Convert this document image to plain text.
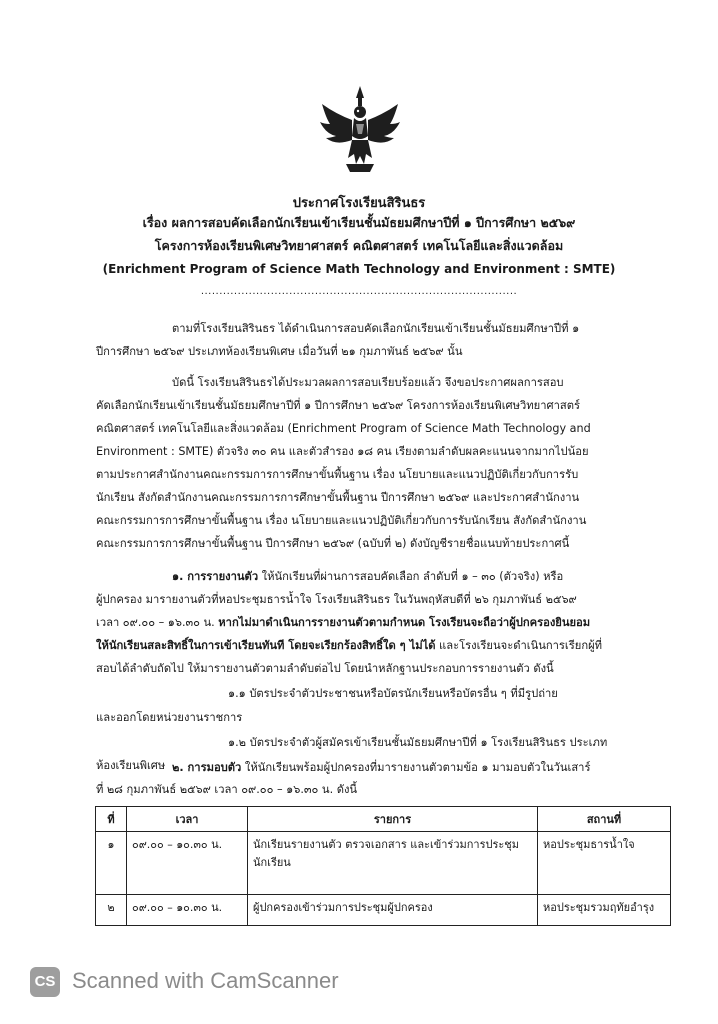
ประกาศโรงเรียนสิรินธร
เรื่อง ผลการสอบคัดเลือกนักเรียนเข้าเรียนชั้นมัธยมศึกษาปีที่ ๑ ปีการศึกษา ๒๕๖๙
โครงการห้องเรียนพิเศษวิทยาศาสตร์ คณิตศาสตร์ เทคโนโลยีและสิ่งแวดล้อม
(Enrichment Program of Science Math Technology and Environment : SMTE)
......................................................................................
ตามที่โรงเรียนสิรินธร ได้ดำเนินการสอบคัดเลือกนักเรียนเข้าเรียนชั้นมัธยมศึกษาปีที่ ๑
ปีการศึกษา ๒๕๖๙ ประเภทห้องเรียนพิเศษ เมื่อวันที่ ๒๑ กุมภาพันธ์ ๒๕๖๙ นั้น
บัดนี้ โรงเรียนสิรินธรได้ประมวลผลการสอบเรียบร้อยแล้ว จึงขอประกาศผลการสอบ
คัดเลือกนักเรียนเข้าเรียนชั้นมัธยมศึกษาปีที่ ๑ ปีการศึกษา ๒๕๖๙ โครงการห้องเรียนพิเศษวิทยาศาสตร์
คณิตศาสตร์ เทคโนโลยีและสิ่งแวดล้อม (Enrichment Program of Science Math Technology and
Environment : SMTE) ตัวจริง ๓๐ คน และตัวสำรอง ๑๘ คน เรียงตามลำดับผลคะแนนจากมากไปน้อย
ตามประกาศสำนักงานคณะกรรมการการศึกษาขั้นพื้นฐาน เรื่อง นโยบายและแนวปฏิบัติเกี่ยวกับการรับ
นักเรียน สังกัดสำนักงานคณะกรรมการการศึกษาขั้นพื้นฐาน ปีการศึกษา ๒๕๖๙ และประกาศสำนักงาน
คณะกรรมการการศึกษาขั้นพื้นฐาน เรื่อง นโยบายและแนวปฏิบัติเกี่ยวกับการรับนักเรียน สังกัดสำนักงาน
คณะกรรมการการศึกษาขั้นพื้นฐาน ปีการศึกษา ๒๕๖๙ (ฉบับที่ ๒) ดังบัญชีรายชื่อแนบท้ายประกาศนี้
๑. การรายงานตัว ให้นักเรียนที่ผ่านการสอบคัดเลือก ลำดับที่ ๑ – ๓๐ (ตัวจริง) หรือ
ผู้ปกครอง มารายงานตัวที่หอประชุมธารน้ำใจ โรงเรียนสิรินธร ในวันพฤหัสบดีที่ ๒๖ กุมภาพันธ์ ๒๕๖๙
เวลา ๐๙.๐๐ – ๑๖.๓๐ น. หากไม่มาดำเนินการรายงานตัวตามกำหนด โรงเรียนจะถือว่าผู้ปกครองยินยอม
ให้นักเรียนสละสิทธิ์ในการเข้าเรียนทันที โดยจะเรียกร้องสิทธิ์ใด ๆ ไม่ได้ และโรงเรียนจะดำเนินการเรียกผู้ที่
สอบได้ลำดับถัดไป ให้มารายงานตัวตามลำดับต่อไป โดยนำหลักฐานประกอบการรายงานตัว ดังนี้
๑.๑ บัตรประจำตัวประชาชนหรือบัตรนักเรียนหรือบัตรอื่น ๆ ที่มีรูปถ่าย
และออกโดยหน่วยงานราชการ
๑.๒ บัตรประจำตัวผู้สมัครเข้าเรียนชั้นมัธยมศึกษาปีที่ ๑ โรงเรียนสิรินธร ประเภท
ห้องเรียนพิเศษ ๒. การมอบตัว ให้นักเรียนพร้อมผู้ปกครองที่มารายงานตัวตามข้อ ๑ มามอบตัวในวันเสาร์
ที่ ๒๘ กุมภาพันธ์ ๒๕๖๙ เวลา ๐๙.๐๐ – ๑๖.๓๐ น. ดังนี้
ที่	เวลา	รายการ	สถานที่
๑	๐๙.๐๐ – ๑๐.๓๐ น.	นักเรียนรายงานตัว ตรวจเอกสาร และเข้าร่วมการประชุมนักเรียน	หอประชุมธารน้ำใจ
๒	๐๙.๐๐ – ๑๐.๓๐ น.	ผู้ปกครองเข้าร่วมการประชุมผู้ปกครอง	หอประชุมรวมฤทัยอำรุง
CS Scanned with CamScanner
